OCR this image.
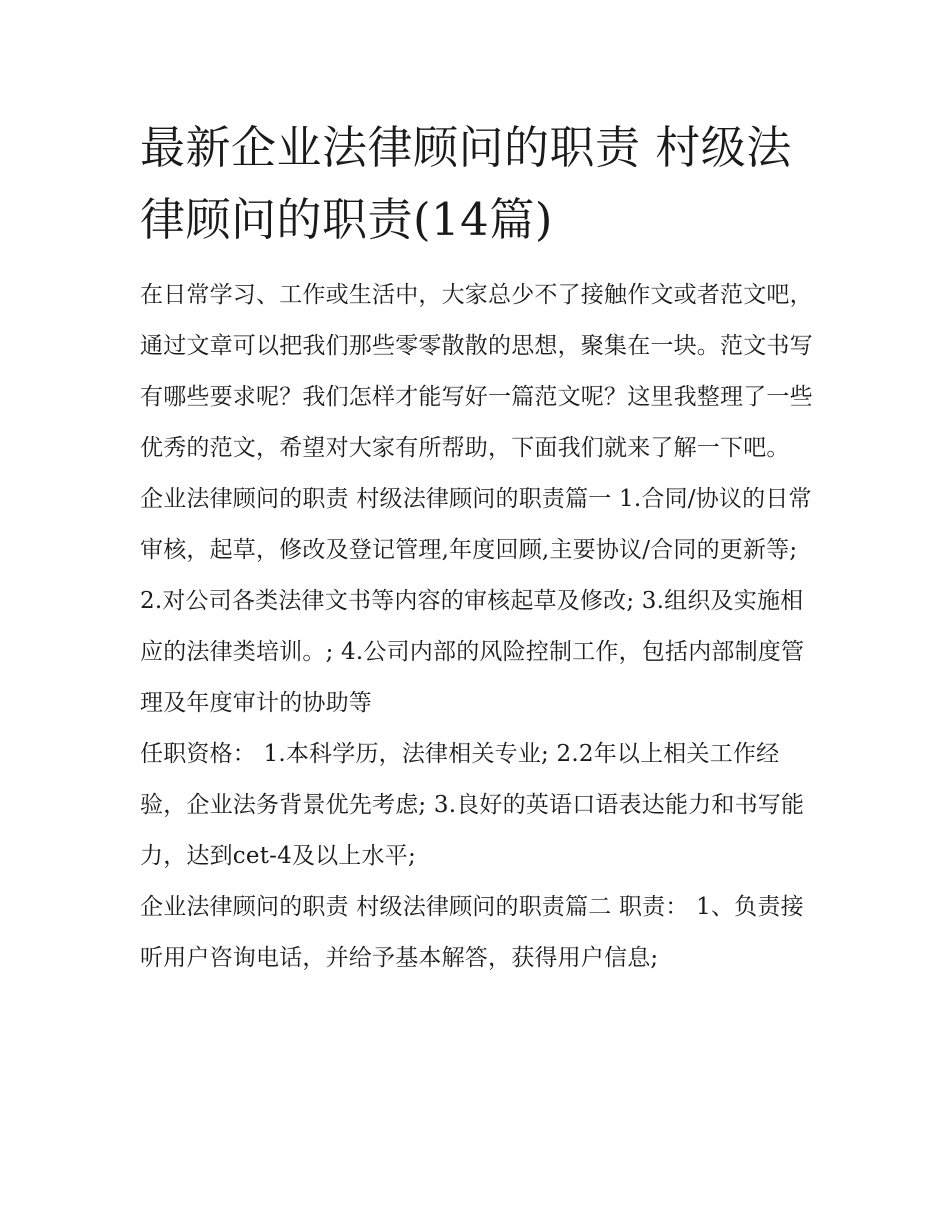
最新企业法律顾问的职责 村级法律顾问的职责(14篇)

在日常学习、工作或生活中，大家总少不了接触作文或者范文吧，通过文章可以把我们那些零零散散的思想，聚集在一块。范文书写有哪些要求呢？我们怎样才能写好一篇范文呢？这里我整理了一些优秀的范文，希望对大家有所帮助，下面我们就来了解一下吧。

企业法律顾问的职责 村级法律顾问的职责篇一 1.合同/协议的日常审核，起草，修改及登记管理,年度回顾,主要协议/合同的更新等;

2.对公司各类法律文书等内容的审核起草及修改; 3.组织及实施相应的法律类培训。; 4.公司内部的风险控制工作，包括内部制度管理及年度审计的协助等

任职资格： 1.本科学历，法律相关专业; 2.2年以上相关工作经验，企业法务背景优先考虑; 3.良好的英语口语表达能力和书写能力，达到cet-4及以上水平;

企业法律顾问的职责 村级法律顾问的职责篇二 职责： 1、负责接听用户咨询电话，并给予基本解答，获得用户信息;
